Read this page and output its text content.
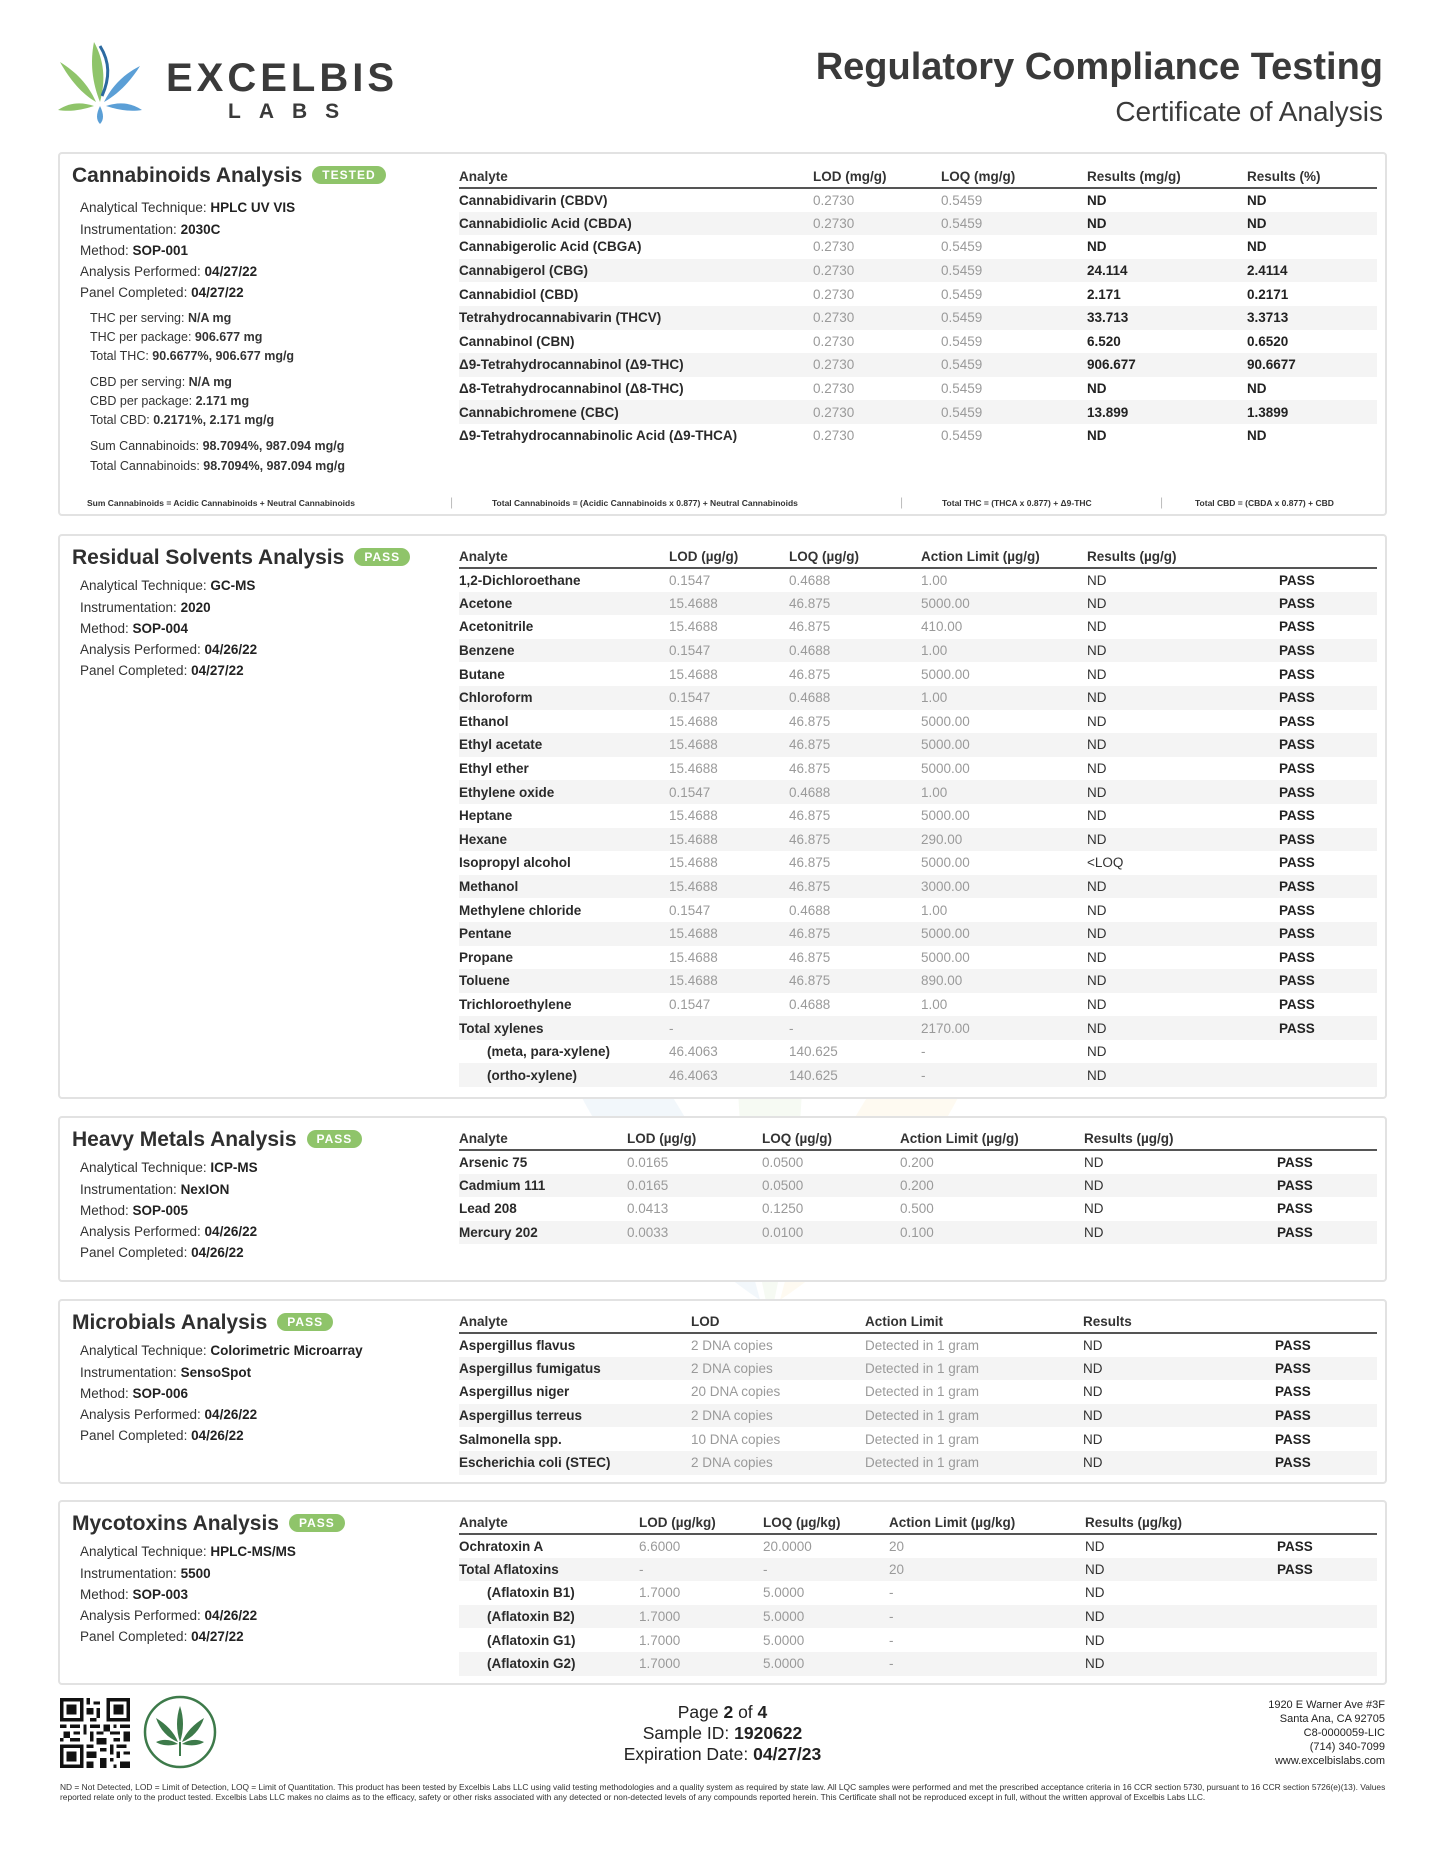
EXCELBIS
LABS
Regulatory Compliance Testing
Certificate of Analysis
Cannabinoids Analysis TESTED
Analytical Technique: HPLC UV VIS
Instrumentation: 2030C
Method: SOP-001
Analysis Performed: 04/27/22
Panel Completed: 04/27/22
THC per serving: N/A mg
THC per package: 906.677 mg
Total THC: 90.6677%, 906.677 mg/g
CBD per serving: N/A mg
CBD per package: 2.171 mg
Total CBD: 0.2171%, 2.171 mg/g
Sum Cannabinoids: 98.7094%, 987.094 mg/g
Total Cannabinoids: 98.7094%, 987.094 mg/g
Analyte	LOD (mg/g)	LOQ (mg/g)	Results (mg/g)	Results (%)
Cannabidivarin (CBDV)	0.2730	0.5459	ND	ND
Cannabidiolic Acid (CBDA)	0.2730	0.5459	ND	ND
Cannabigerolic Acid (CBGA)	0.2730	0.5459	ND	ND
Cannabigerol (CBG)	0.2730	0.5459	24.114	2.4114
Cannabidiol (CBD)	0.2730	0.5459	2.171	0.2171
Tetrahydrocannabivarin (THCV)	0.2730	0.5459	33.713	3.3713
Cannabinol (CBN)	0.2730	0.5459	6.520	0.6520
Δ9-Tetrahydrocannabinol (Δ9-THC)	0.2730	0.5459	906.677	90.6677
Δ8-Tetrahydrocannabinol (Δ8-THC)	0.2730	0.5459	ND	ND
Cannabichromene (CBC)	0.2730	0.5459	13.899	1.3899
Δ9-Tetrahydrocannabinolic Acid (Δ9-THCA)	0.2730	0.5459	ND	ND
Sum Cannabinoids = Acidic Cannabinoids + Neutral Cannabinoids	|	Total Cannabinoids = (Acidic Cannabinoids x 0.877) + Neutral Cannabinoids	|	Total THC = (THCA x 0.877) + Δ9-THC	|	Total CBD = (CBDA x 0.877) + CBD
Residual Solvents Analysis PASS
Analytical Technique: GC-MS
Instrumentation: 2020
Method: SOP-004
Analysis Performed: 04/26/22
Panel Completed: 04/27/22
Analyte	LOD (µg/g)	LOQ (µg/g)	Action Limit (µg/g)	Results (µg/g)	
1,2-Dichloroethane	0.1547	0.4688	1.00	ND	PASS
Acetone	15.4688	46.875	5000.00	ND	PASS
Acetonitrile	15.4688	46.875	410.00	ND	PASS
Benzene	0.1547	0.4688	1.00	ND	PASS
Butane	15.4688	46.875	5000.00	ND	PASS
Chloroform	0.1547	0.4688	1.00	ND	PASS
Ethanol	15.4688	46.875	5000.00	ND	PASS
Ethyl acetate	15.4688	46.875	5000.00	ND	PASS
Ethyl ether	15.4688	46.875	5000.00	ND	PASS
Ethylene oxide	0.1547	0.4688	1.00	ND	PASS
Heptane	15.4688	46.875	5000.00	ND	PASS
Hexane	15.4688	46.875	290.00	ND	PASS
Isopropyl alcohol	15.4688	46.875	5000.00	<LOQ	PASS
Methanol	15.4688	46.875	3000.00	ND	PASS
Methylene chloride	0.1547	0.4688	1.00	ND	PASS
Pentane	15.4688	46.875	5000.00	ND	PASS
Propane	15.4688	46.875	5000.00	ND	PASS
Toluene	15.4688	46.875	890.00	ND	PASS
Trichloroethylene	0.1547	0.4688	1.00	ND	PASS
Total xylenes	-	-	2170.00	ND	PASS
(meta, para-xylene)	46.4063	140.625	-	ND	
(ortho-xylene)	46.4063	140.625	-	ND	
Heavy Metals Analysis PASS
Analytical Technique: ICP-MS
Instrumentation: NexION
Method: SOP-005
Analysis Performed: 04/26/22
Panel Completed: 04/26/22
Analyte	LOD (µg/g)	LOQ (µg/g)	Action Limit (µg/g)	Results (µg/g)	
Arsenic 75	0.0165	0.0500	0.200	ND	PASS
Cadmium 111	0.0165	0.0500	0.200	ND	PASS
Lead 208	0.0413	0.1250	0.500	ND	PASS
Mercury 202	0.0033	0.0100	0.100	ND	PASS
Microbials Analysis PASS
Analytical Technique: Colorimetric Microarray
Instrumentation: SensoSpot
Method: SOP-006
Analysis Performed: 04/26/22
Panel Completed: 04/26/22
Analyte	LOD	Action Limit	Results	
Aspergillus flavus	2 DNA copies	Detected in 1 gram	ND	PASS
Aspergillus fumigatus	2 DNA copies	Detected in 1 gram	ND	PASS
Aspergillus niger	20 DNA copies	Detected in 1 gram	ND	PASS
Aspergillus terreus	2 DNA copies	Detected in 1 gram	ND	PASS
Salmonella spp.	10 DNA copies	Detected in 1 gram	ND	PASS
Escherichia coli (STEC)	2 DNA copies	Detected in 1 gram	ND	PASS
Mycotoxins Analysis PASS
Analytical Technique: HPLC-MS/MS
Instrumentation: 5500
Method: SOP-003
Analysis Performed: 04/26/22
Panel Completed: 04/27/22
Analyte	LOD (µg/kg)	LOQ (µg/kg)	Action Limit (µg/kg)	Results (µg/kg)	
Ochratoxin A	6.6000	20.0000	20	ND	PASS
Total Aflatoxins	-	-	20	ND	PASS
(Aflatoxin B1)	1.7000	5.0000	-	ND	
(Aflatoxin B2)	1.7000	5.0000	-	ND	
(Aflatoxin G1)	1.7000	5.0000	-	ND	
(Aflatoxin G2)	1.7000	5.0000	-	ND	
Page 2 of 4
Sample ID: 1920622
Expiration Date: 04/27/23
1920 E Warner Ave #3F
Santa Ana, CA 92705
C8-0000059-LIC
(714) 340-7099
www.excelbislabs.com
ND = Not Detected, LOD = Limit of Detection, LOQ = Limit of Quantitation. This product has been tested by Excelbis Labs LLC using valid testing methodologies and a quality system as required by state law. All LQC samples were performed and met the prescribed acceptance criteria in 16 CCR section 5730, pursuant to 16 CCR section 5726(e)(13). Values reported relate only to the product tested. Excelbis Labs LLC makes no claims as to the efficacy, safety or other risks associated with any detected or non-detected levels of any compounds reported herein. This Certificate shall not be reproduced except in full, without the written approval of Excelbis Labs LLC.
